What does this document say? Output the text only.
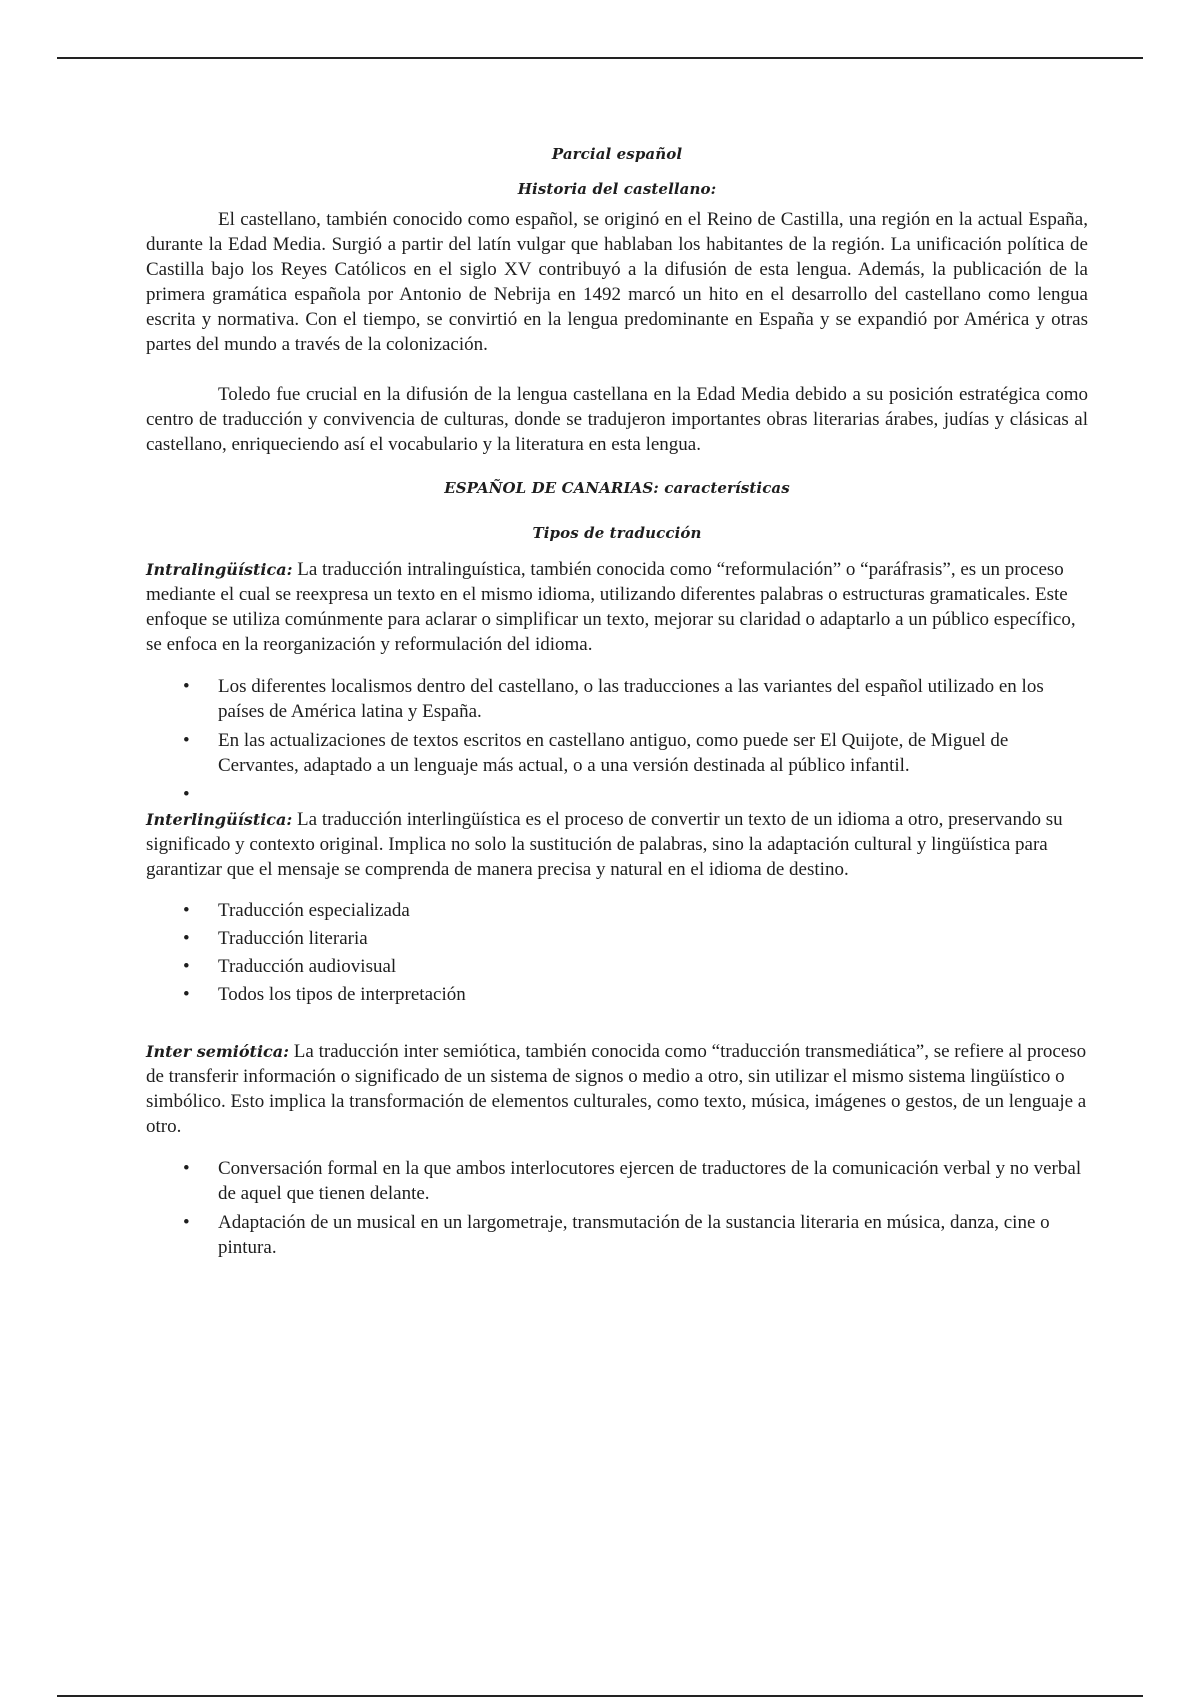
Parcial español

Historia del castellano:

El castellano, también conocido como español, se originó en el Reino de Castilla, una región en la actual España, durante la Edad Media. Surgió a partir del latín vulgar que hablaban los habitantes de la región. La unificación política de Castilla bajo los Reyes Católicos en el siglo XV contribuyó a la difusión de esta lengua. Además, la publicación de la primera gramática española por Antonio de Nebrija en 1492 marcó un hito en el desarrollo del castellano como lengua escrita y normativa. Con el tiempo, se convirtió en la lengua predominante en España y se expandió por América y otras partes del mundo a través de la colonización.

Toledo fue crucial en la difusión de la lengua castellana en la Edad Media debido a su posición estratégica como centro de traducción y convivencia de culturas, donde se tradujeron importantes obras literarias árabes, judías y clásicas al castellano, enriqueciendo así el vocabulario y la literatura en esta lengua.

ESPAÑOL DE CANARIAS: características

Tipos de traducción

Intralingüística: La traducción intralinguística, también conocida como “reformulación” o “paráfrasis”, es un proceso mediante el cual se reexpresa un texto en el mismo idioma, utilizando diferentes palabras o estructuras gramaticales. Este enfoque se utiliza comúnmente para aclarar o simplificar un texto, mejorar su claridad o adaptarlo a un público específico, se enfoca en la reorganización y reformulación del idioma.

• Los diferentes localismos dentro del castellano, o las traducciones a las variantes del español utilizado en los países de América latina y España.
• En las actualizaciones de textos escritos en castellano antiguo, como puede ser El Quijote, de Miguel de Cervantes, adaptado a un lenguaje más actual, o a una versión destinada al público infantil.
•

Interlingüística: La traducción interlingüística es el proceso de convertir un texto de un idioma a otro, preservando su significado y contexto original. Implica no solo la sustitución de palabras, sino la adaptación cultural y lingüística para garantizar que el mensaje se comprenda de manera precisa y natural en el idioma de destino.

• Traducción especializada
• Traducción literaria
• Traducción audiovisual
• Todos los tipos de interpretación

Inter semiótica: La traducción inter semiótica, también conocida como “traducción transmediática”, se refiere al proceso de transferir información o significado de un sistema de signos o medio a otro, sin utilizar el mismo sistema lingüístico o simbólico. Esto implica la transformación de elementos culturales, como texto, música, imágenes o gestos, de un lenguaje a otro.

• Conversación formal en la que ambos interlocutores ejercen de traductores de la comunicación verbal y no verbal de aquel que tienen delante.
• Adaptación de un musical en un largometraje, transmutación de la sustancia literaria en música, danza, cine o pintura.
